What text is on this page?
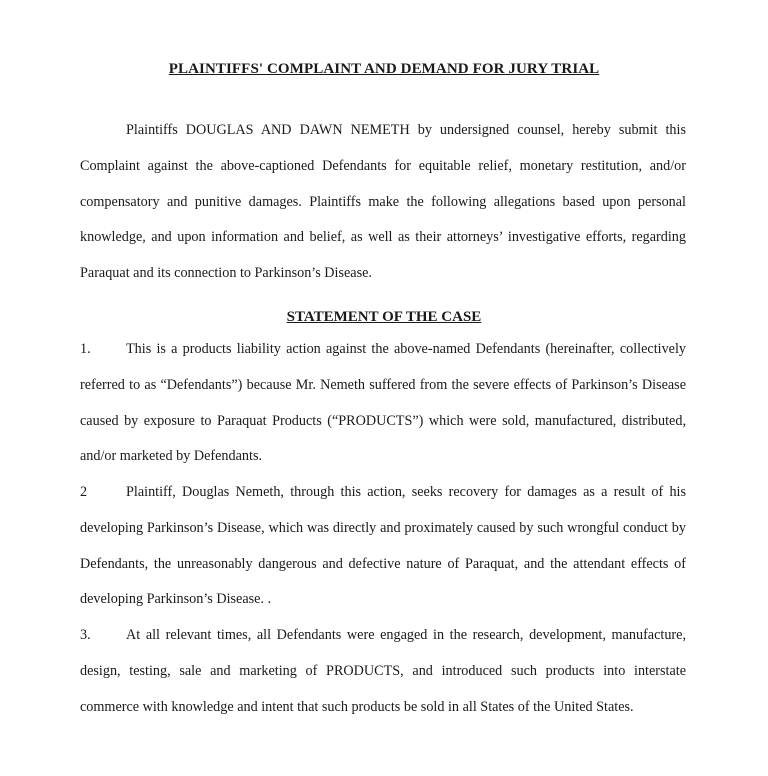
PLAINTIFFS' COMPLAINT AND DEMAND FOR JURY TRIAL

Plaintiffs DOUGLAS AND DAWN NEMETH by undersigned counsel, hereby submit this Complaint against the above-captioned Defendants for equitable relief, monetary restitution, and/or compensatory and punitive damages. Plaintiffs make the following allegations based upon personal knowledge, and upon information and belief, as well as their attorneys’ investigative efforts, regarding Paraquat and its connection to Parkinson’s Disease.

STATEMENT OF THE CASE

1. This is a products liability action against the above-named Defendants (hereinafter, collectively referred to as “Defendants”) because Mr. Nemeth suffered from the severe effects of Parkinson’s Disease caused by exposure to Paraquat Products (“PRODUCTS”) which were sold, manufactured, distributed, and/or marketed by Defendants.

2	Plaintiff, Douglas Nemeth, through this action, seeks recovery for damages as a result of his developing Parkinson’s Disease, which was directly and proximately caused by such wrongful conduct by Defendants, the unreasonably dangerous and defective nature of Paraquat, and the attendant effects of developing Parkinson’s Disease. .

3. At all relevant times, all Defendants were engaged in the research, development, manufacture, design, testing, sale and marketing of PRODUCTS, and introduced such products into interstate commerce with knowledge and intent that such products be sold in all States of the United States.
